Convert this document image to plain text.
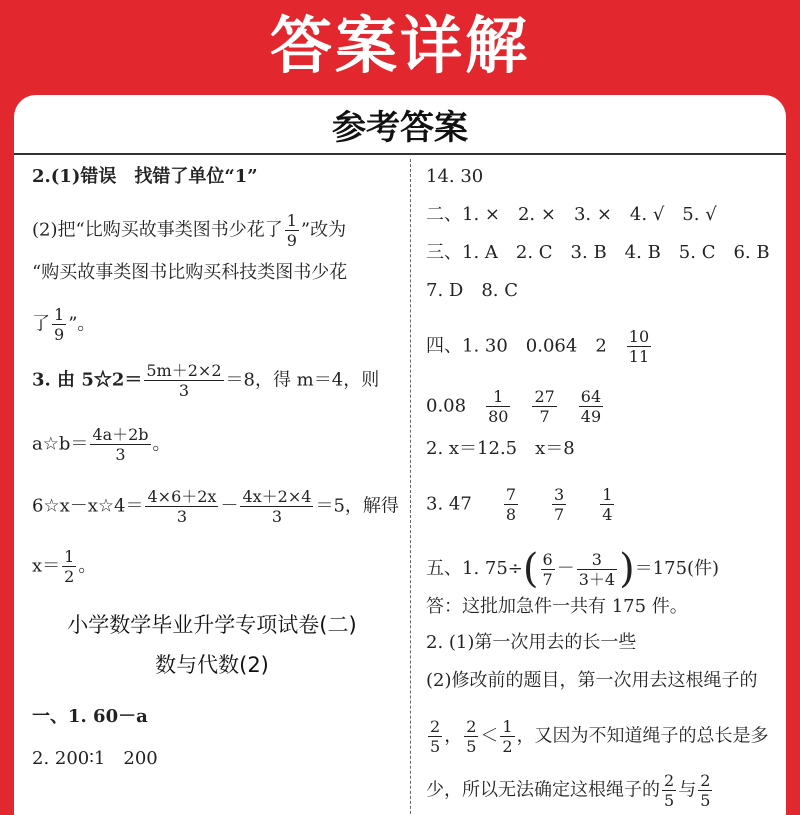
答案详解
参考答案
2.(1)错误　找错了单位“1”
(2)把“比购买故事类图书少花了 $\frac{1}{9}$ ”改为
“购买故事类图书比购买科技类图书少花
了 $\frac{1}{9}$ ”。
3. 由 5☆2＝ $\frac{5m+2\times 2}{3} =8$，得 m＝4，则
a☆b＝ $\frac{4a+2b}{3}$ 。
6☆x－x☆4＝ $\frac{4\times 6+2x}{3} - \frac{4x+2\times 4}{3} =5$，解得
$x= \frac{1}{2}$ 。
小学数学毕业升学专项试卷(二)
数与代数(2)
一、1. 60－a
2. 200∶1　200
14. 30
二、1. ×　2. ×　3. ×　4. √　5. √
三、1. A　2. C　3. B　4. B　5. C　6. B
7. D　8. C
四、1. 30　0.064　$2 \frac{10}{11}$
$0.08 \frac{1}{80} \frac{27}{7} \frac{64}{49}$
2. x＝12.5　x＝8
3. $47 \frac{7}{8} \frac{3}{7} \frac{1}{4}$
五、1. $75\div( \frac{6}{7} - \frac{3}{3+4} )=175$(件)
答：这批加急件一共有 175 件。
2. (1)第一次用去的长一些
(2)修改前的题目，第一次用去这根绳子的
$\frac{2}{5}$ ， $\frac{2}{5} < \frac{1}{2}$ ，又因为不知道绳子的总长是多
少，所以无法确定这根绳子的 $\frac{2}{5}$ 与 $\frac{2}{5}$
